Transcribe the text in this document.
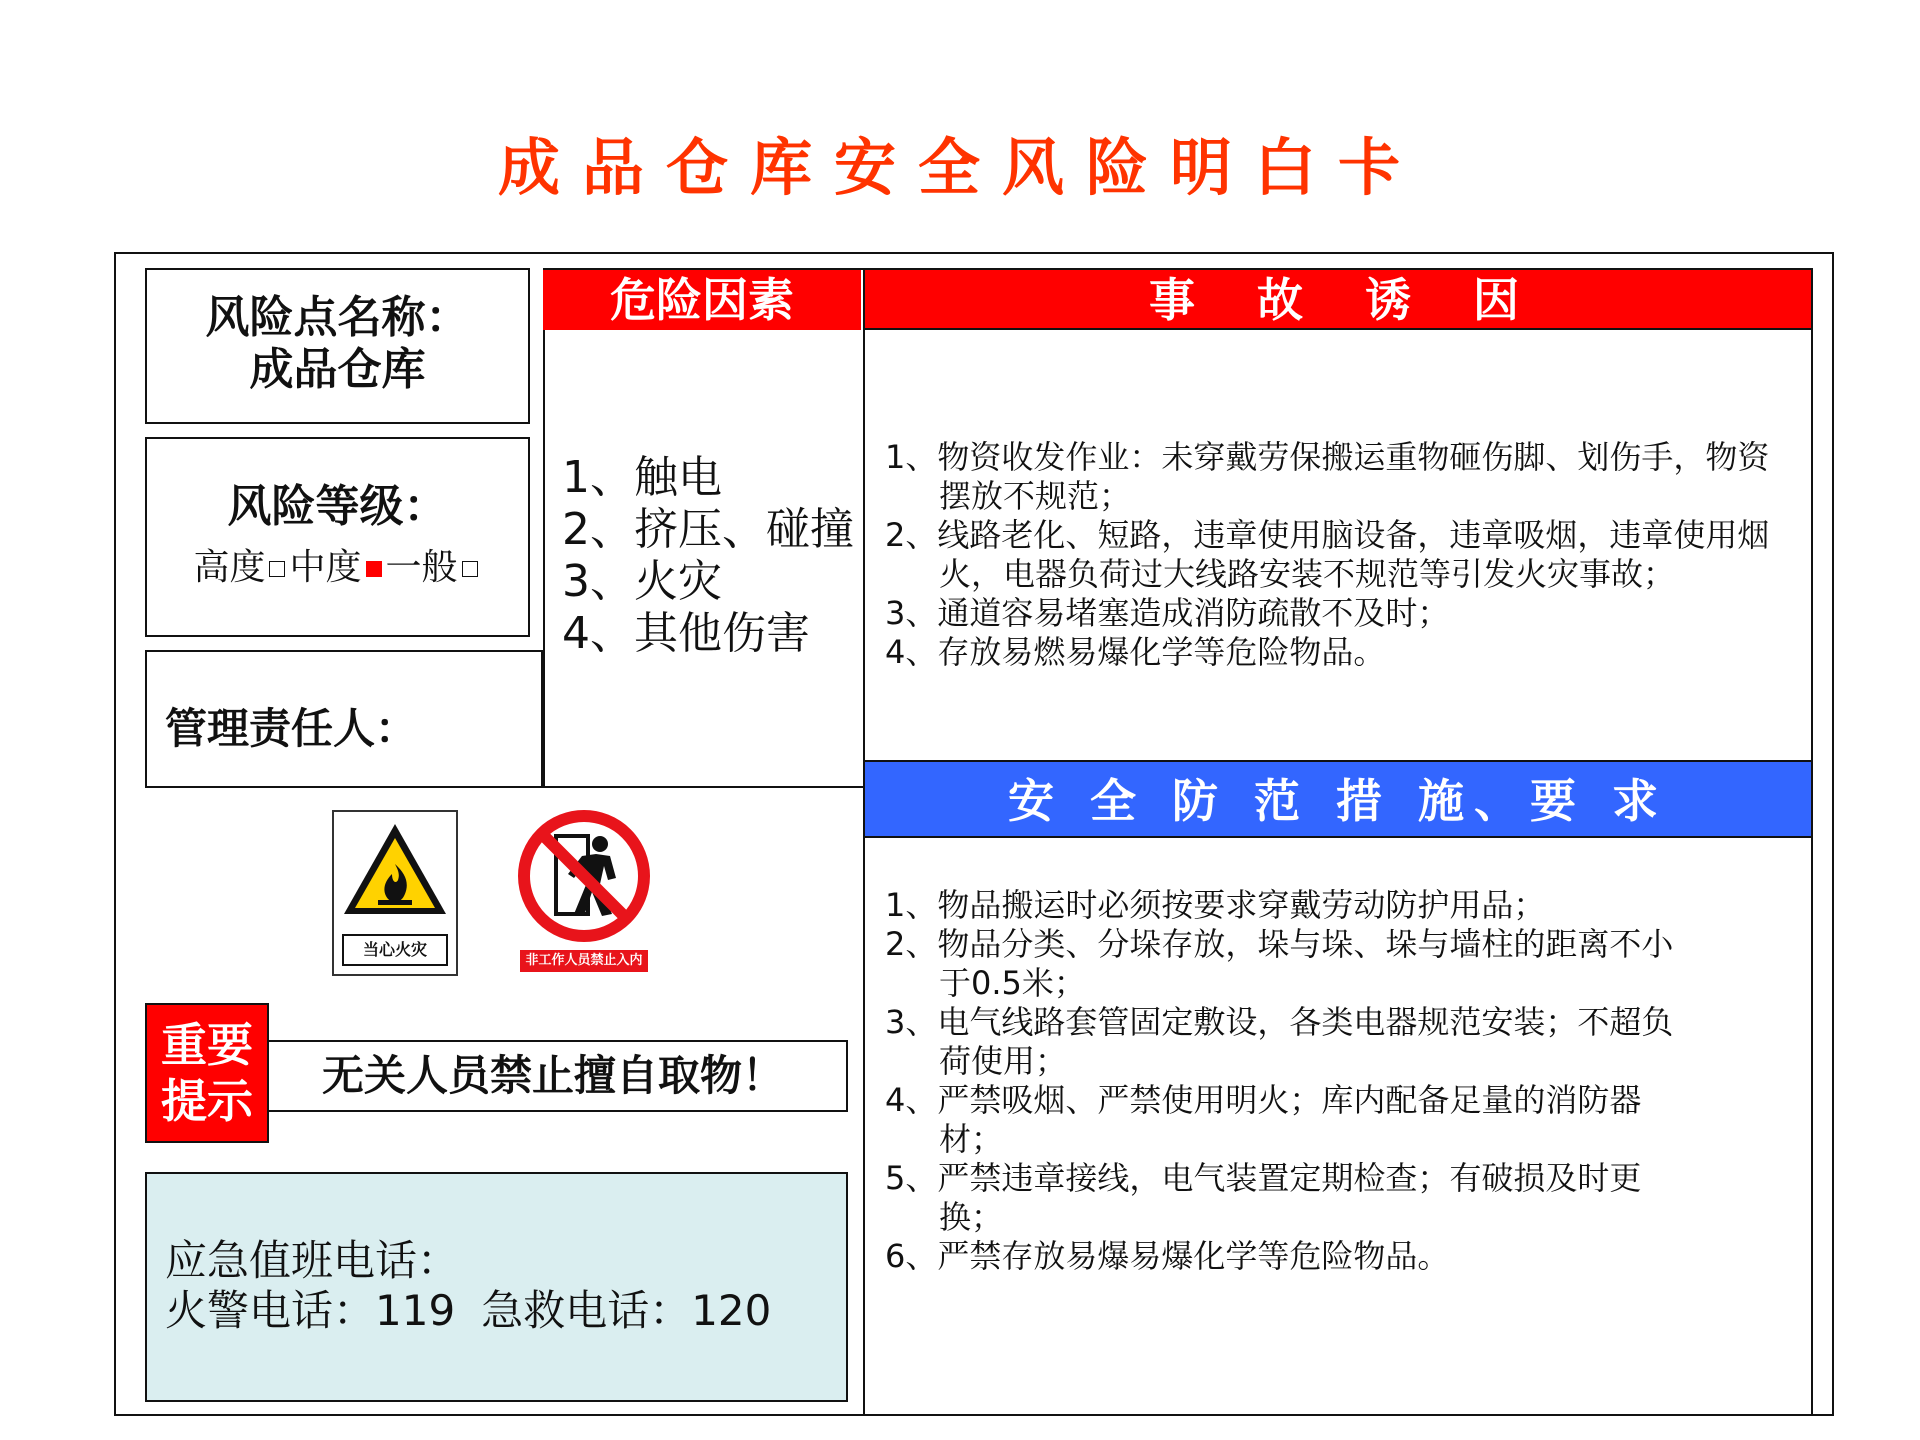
成品仓库安全风险明白卡
风险点名称：
成品仓库
风险等级：
高度 中度 一般
管理责任人：
危险因素
1、触电
2、挤压、碰撞
3、火灾
4、其他伤害
事　故　诱　因
1、物资收发作业：未穿戴劳保搬运重物砸伤脚、划伤手，物资摆放不规范；
2、线路老化、短路，违章使用脑设备，违章吸烟，违章使用烟火，电器负荷过大线路安装不规范等引发火灾事故；
3、通道容易堵塞造成消防疏散不及时；
4、存放易燃易爆化学等危险物品。
安 全 防 范 措 施、要 求
1、物品搬运时必须按要求穿戴劳动防护用品；
2、物品分类、分垛存放，垛与垛、垛与墙柱的距离不小于0.5米；
3、电气线路套管固定敷设，各类电器规范安装；不超负荷使用；
4、严禁吸烟、严禁使用明火；库内配备足量的消防器材；
5、严禁违章接线，电气装置定期检查；有破损及时更换；
6、严禁存放易爆易爆化学等危险物品。
当心火灾
非工作人员禁止入内
无关人员禁止擅自取物！
重要提示
应急值班电话：
火警电话：119 急救电话：120
